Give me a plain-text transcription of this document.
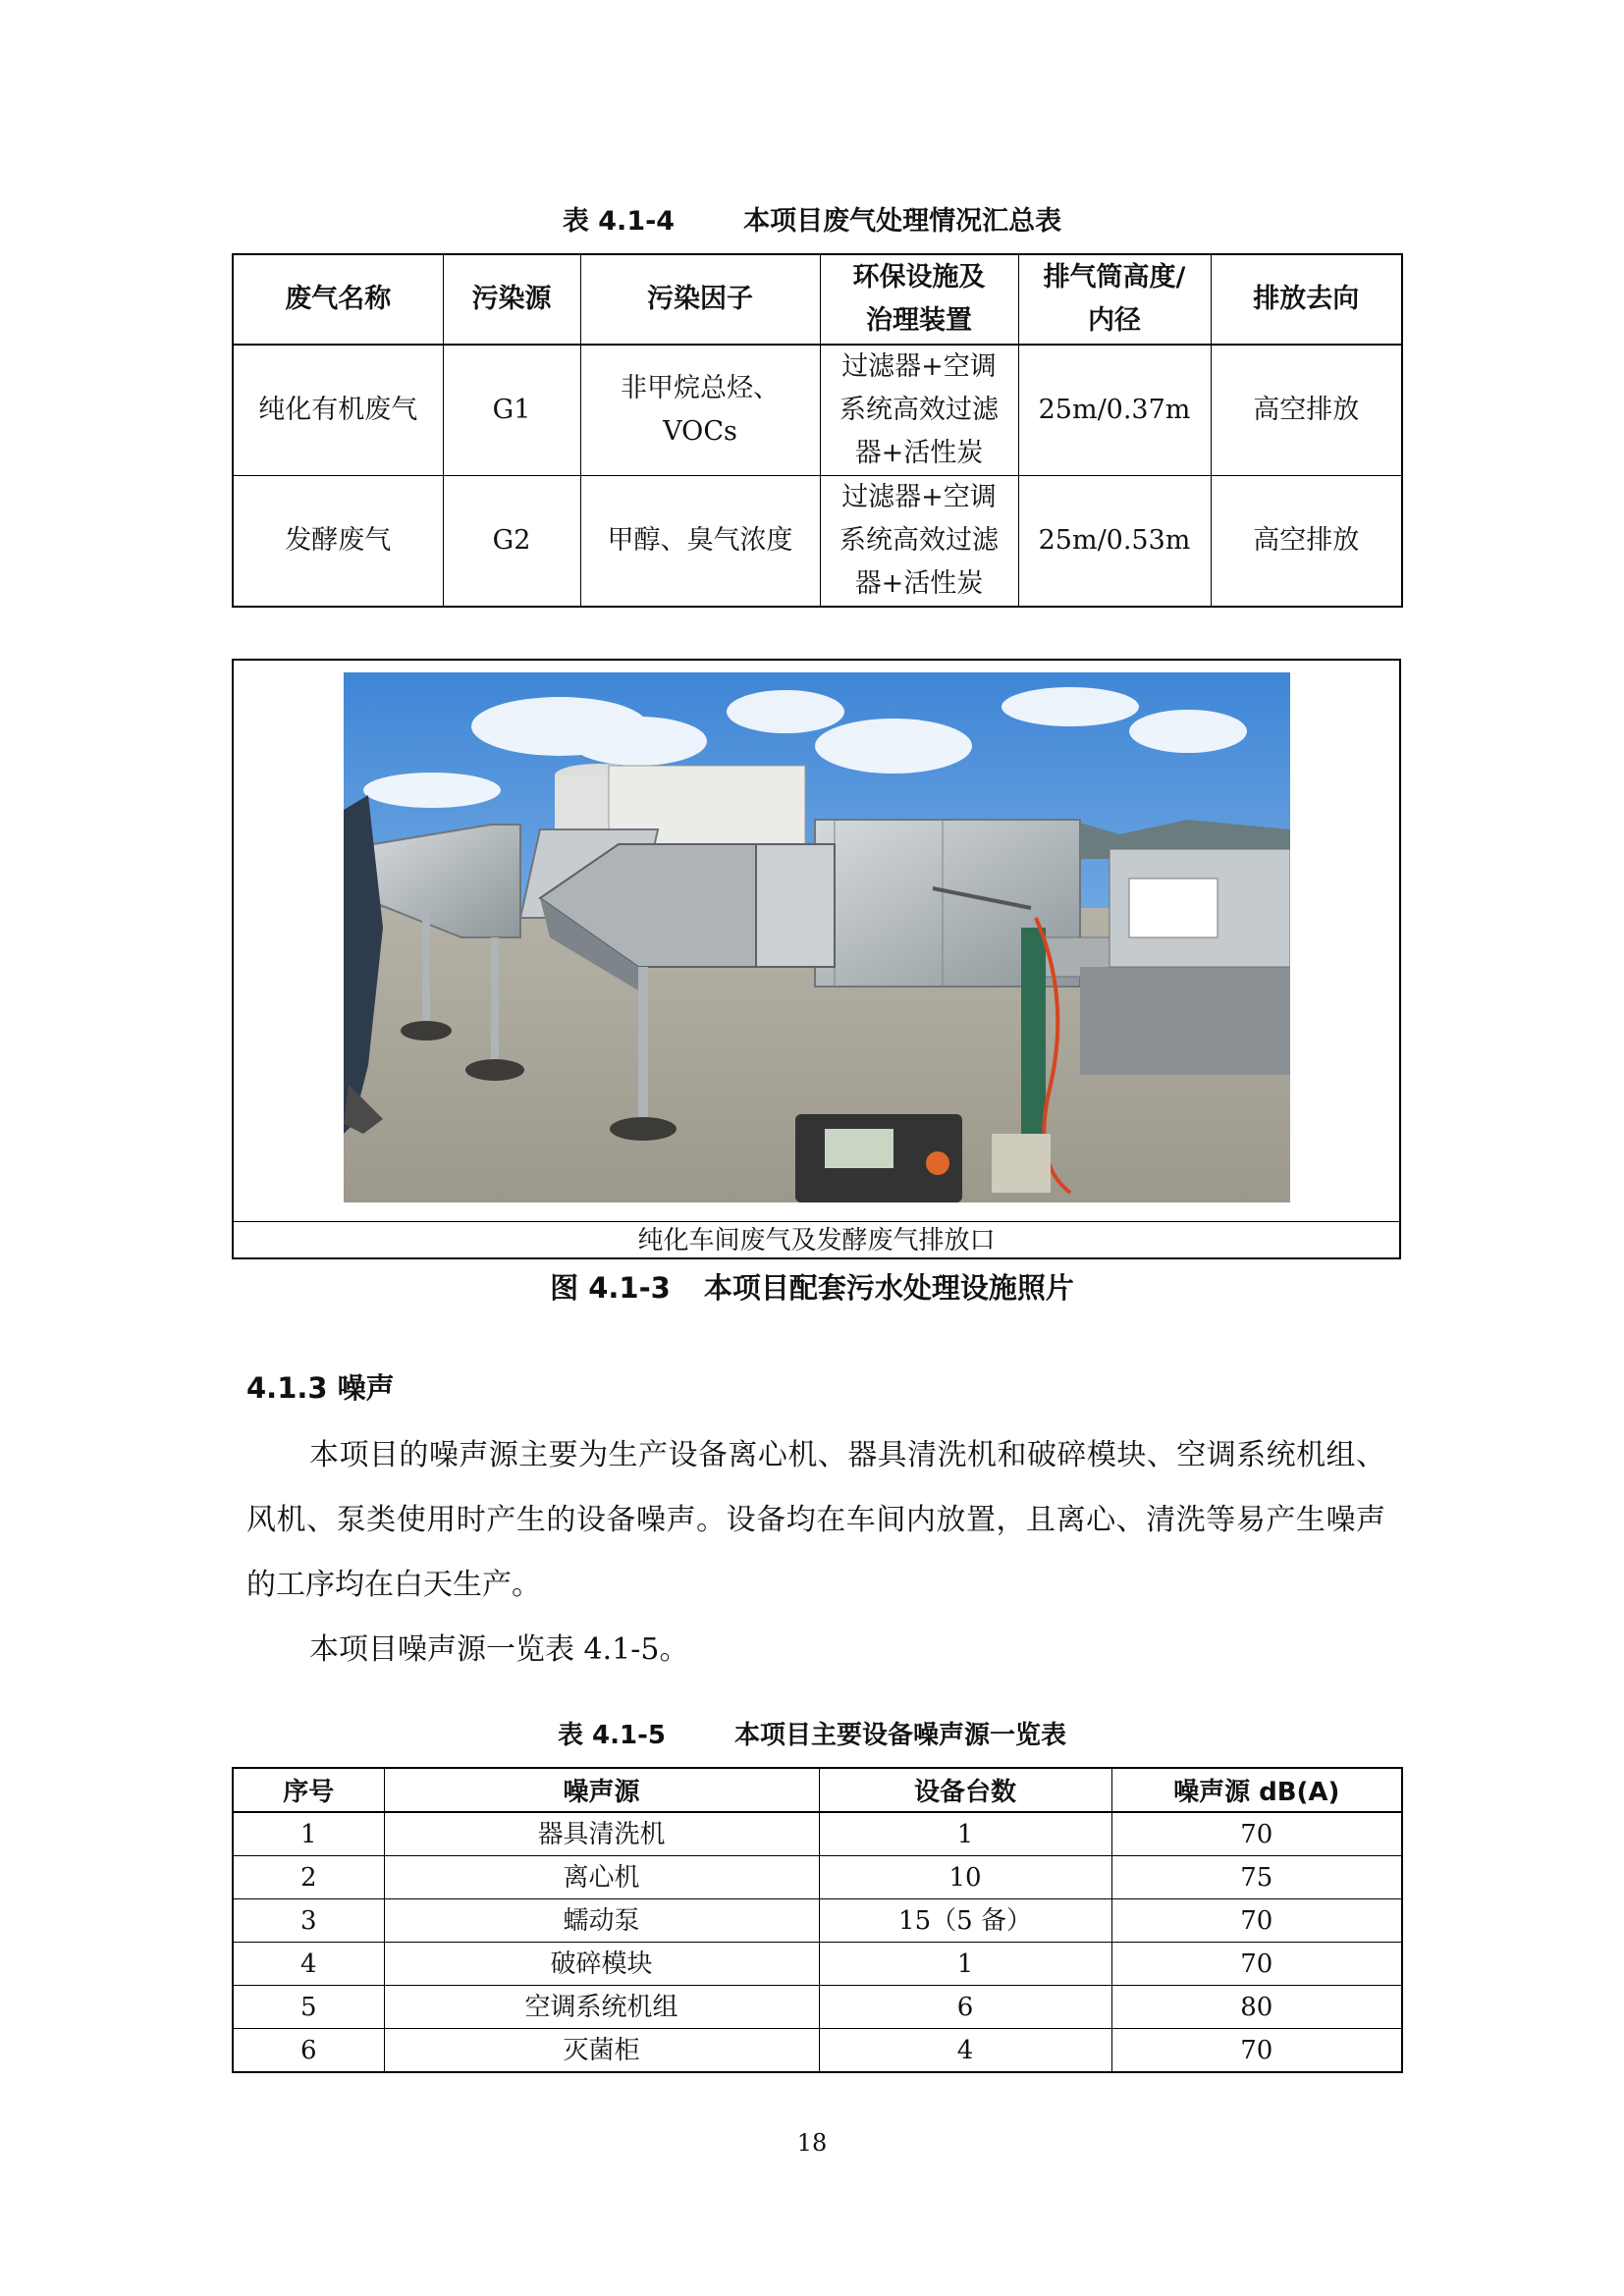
表 4.1-4	本项目废气处理情况汇总表
废气名称	污染源	污染因子	环保设施及治理装置	排气筒高度/内径	排放去向
纯化有机废气	G1	非甲烷总烃、VOCs	过滤器+空调系统高效过滤器+活性炭	25m/0.37m	高空排放
发酵废气	G2	甲醇、臭气浓度	过滤器+空调系统高效过滤器+活性炭	25m/0.53m	高空排放
纯化车间废气及发酵废气排放口
图 4.1-3 本项目配套污水处理设施照片
4.1.3 噪声
本项目的噪声源主要为生产设备离心机、器具清洗机和破碎模块、空调系统机组、风机、泵类使用时产生的设备噪声。设备均在车间内放置，且离心、清洗等易产生噪声的工序均在白天生产。
本项目噪声源一览表 4.1-5。
表 4.1-5	本项目主要设备噪声源一览表
序号	噪声源	设备台数	噪声源 dB(A)
1	器具清洗机	1	70
2	离心机	10	75
3	蠕动泵	15（5 备）	70
4	破碎模块	1	70
5	空调系统机组	6	80
6	灭菌柜	4	70
18
